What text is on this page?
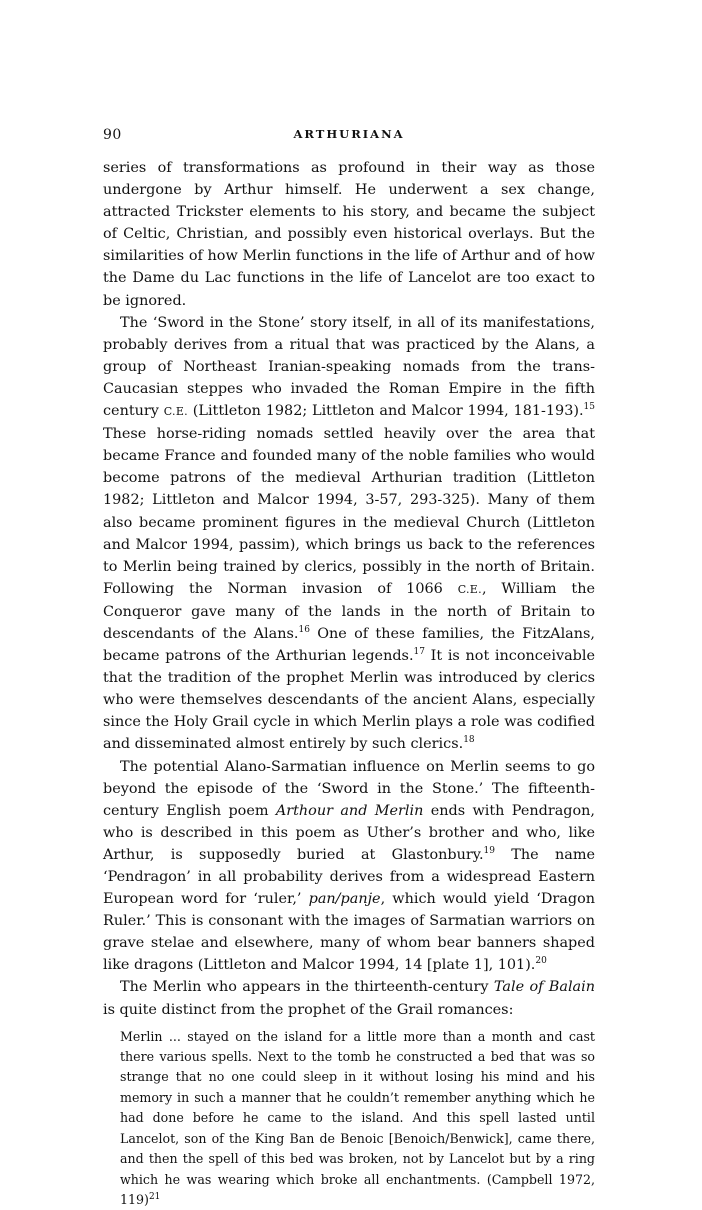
90	ARTHURIANA

series of transformations as profound in their way as those undergone by Arthur himself. He underwent a sex change, attracted Trickster elements to his story, and became the subject of Celtic, Christian, and possibly even historical overlays. But the similarities of how Merlin functions in the life of Arthur and of how the Dame du Lac functions in the life of Lancelot are too exact to be ignored.

The ‘Sword in the Stone’ story itself, in all of its manifestations, probably derives from a ritual that was practiced by the Alans, a group of Northeast Iranian-speaking nomads from the trans-Caucasian steppes who invaded the Roman Empire in the fifth century C.E. (Littleton 1982; Littleton and Malcor 1994, 181-193).$^{15}$ These horse-riding nomads settled heavily over the area that became France and founded many of the noble families who would become patrons of the medieval Arthurian tradition (Littleton 1982; Littleton and Malcor 1994, 3-57, 293-325). Many of them also became prominent figures in the medieval Church (Littleton and Malcor 1994, passim), which brings us back to the references to Merlin being trained by clerics, possibly in the north of Britain. Following the Norman invasion of 1066 C.E., William the Conqueror gave many of the lands in the north of Britain to descendants of the Alans.$^{16}$ One of these families, the FitzAlans, became patrons of the Arthurian legends.$^{17}$ It is not inconceivable that the tradition of the prophet Merlin was introduced by clerics who were themselves descendants of the ancient Alans, especially since the Holy Grail cycle in which Merlin plays a role was codified and disseminated almost entirely by such clerics.$^{18}$

The potential Alano-Sarmatian influence on Merlin seems to go beyond the episode of the ‘Sword in the Stone.’ The fifteenth-century English poem Arthour and Merlin ends with Pendragon, who is described in this poem as Uther’s brother and who, like Arthur, is supposedly buried at Glastonbury.$^{19}$ The name ‘Pendragon’ in all probability derives from a widespread Eastern European word for ‘ruler,’ pan/panje, which would yield ‘Dragon Ruler.’ This is consonant with the images of Sarmatian warriors on grave stelae and elsewhere, many of whom bear banners shaped like dragons (Littleton and Malcor 1994, 14 [plate 1], 101).$^{20}$

The Merlin who appears in the thirteenth-century Tale of Balain is quite distinct from the prophet of the Grail romances:

Merlin ... stayed on the island for a little more than a month and cast there various spells. Next to the tomb he constructed a bed that was so strange that no one could sleep in it without losing his mind and his memory in such a manner that he couldn’t remember anything which he had done before he came to the island. And this spell lasted until Lancelot, son of the King Ban de Benoic [Benoich/Benwick], came there, and then the spell of this bed was broken, not by Lancelot but by a ring which he was wearing which broke all enchantments. (Campbell 1972, 119)$^{21}$
